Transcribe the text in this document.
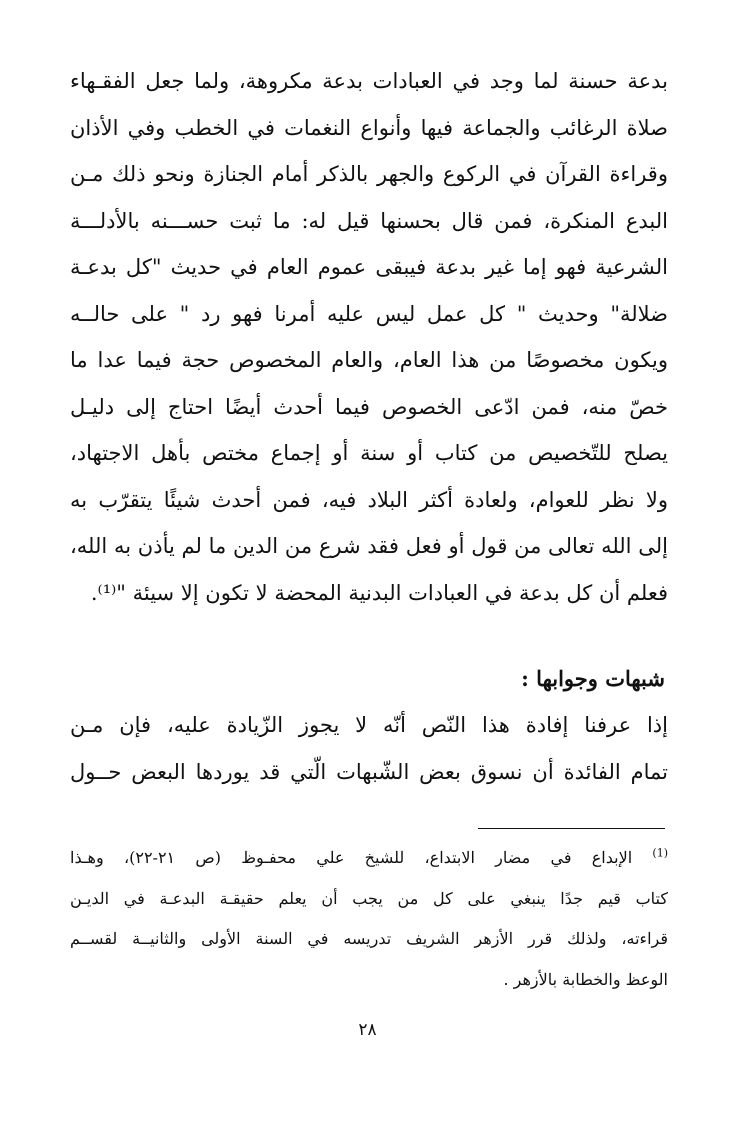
بدعة حسنة لما وجد في العبادات بدعة مكروهة، ولما جعل الفقـهاء
صلاة الرغائب والجماعة فيها وأنواع النغمات في الخطب وفي الأذان
وقراءة القرآن في الركوع والجهر بالذكر أمام الجنازة ونحو ذلك مـن
البدع المنكرة، فمن قال بحسنها قيل له: ما ثبت حســـنه بالأدلـــة
الشرعية فهو إما غير بدعة فيبقى عموم العام في حديث "كل بدعـة
ضلالة" وحديث " كل عمل ليس عليه أمرنا فهو رد " على حالــه
ويكون مخصوصًا من هذا العام، والعام المخصوص حجة فيما عدا ما
خصّ منه، فمن ادّعى الخصوص فيما أحدث أيضًا احتاج إلى دليـل
يصلح للتّخصيص من كتاب أو سنة أو إجماع مختص بأهل الاجتهاد،
ولا نظر للعوام، ولعادة أكثر البلاد فيه، فمن أحدث شيئًا يتقرّب به
إلى الله تعالى من قول أو فعل فقد شرع من الدين ما لم يأذن به الله،
فعلم أن كل بدعة في العبادات البدنية المحضة لا تكون إلا سيئة "⁽¹⁾.
شبهات وجوابها :
إذا عرفنا إفادة هذا النّص أنّه لا يجوز الزّيادة عليه، فإن مـن
تمام الفائدة أن نسوق بعض الشّبهات الّتي قد يوردها البعض حــول
$^{(1)}$ الإبداع في مضار الابتداع، للشيخ علي محفـوظ (ص ٢١-٢٢)، وهـذا
كتاب قيم جدًا ينبغي على كل من يجب أن يعلم حقيقـة البدعـة في الديـن
قراءته، ولذلك قرر الأزهر الشريف تدريسه في السنة الأولى والثانيــة لقســم
الوعظ والخطابة بالأزهر .
٢٨
